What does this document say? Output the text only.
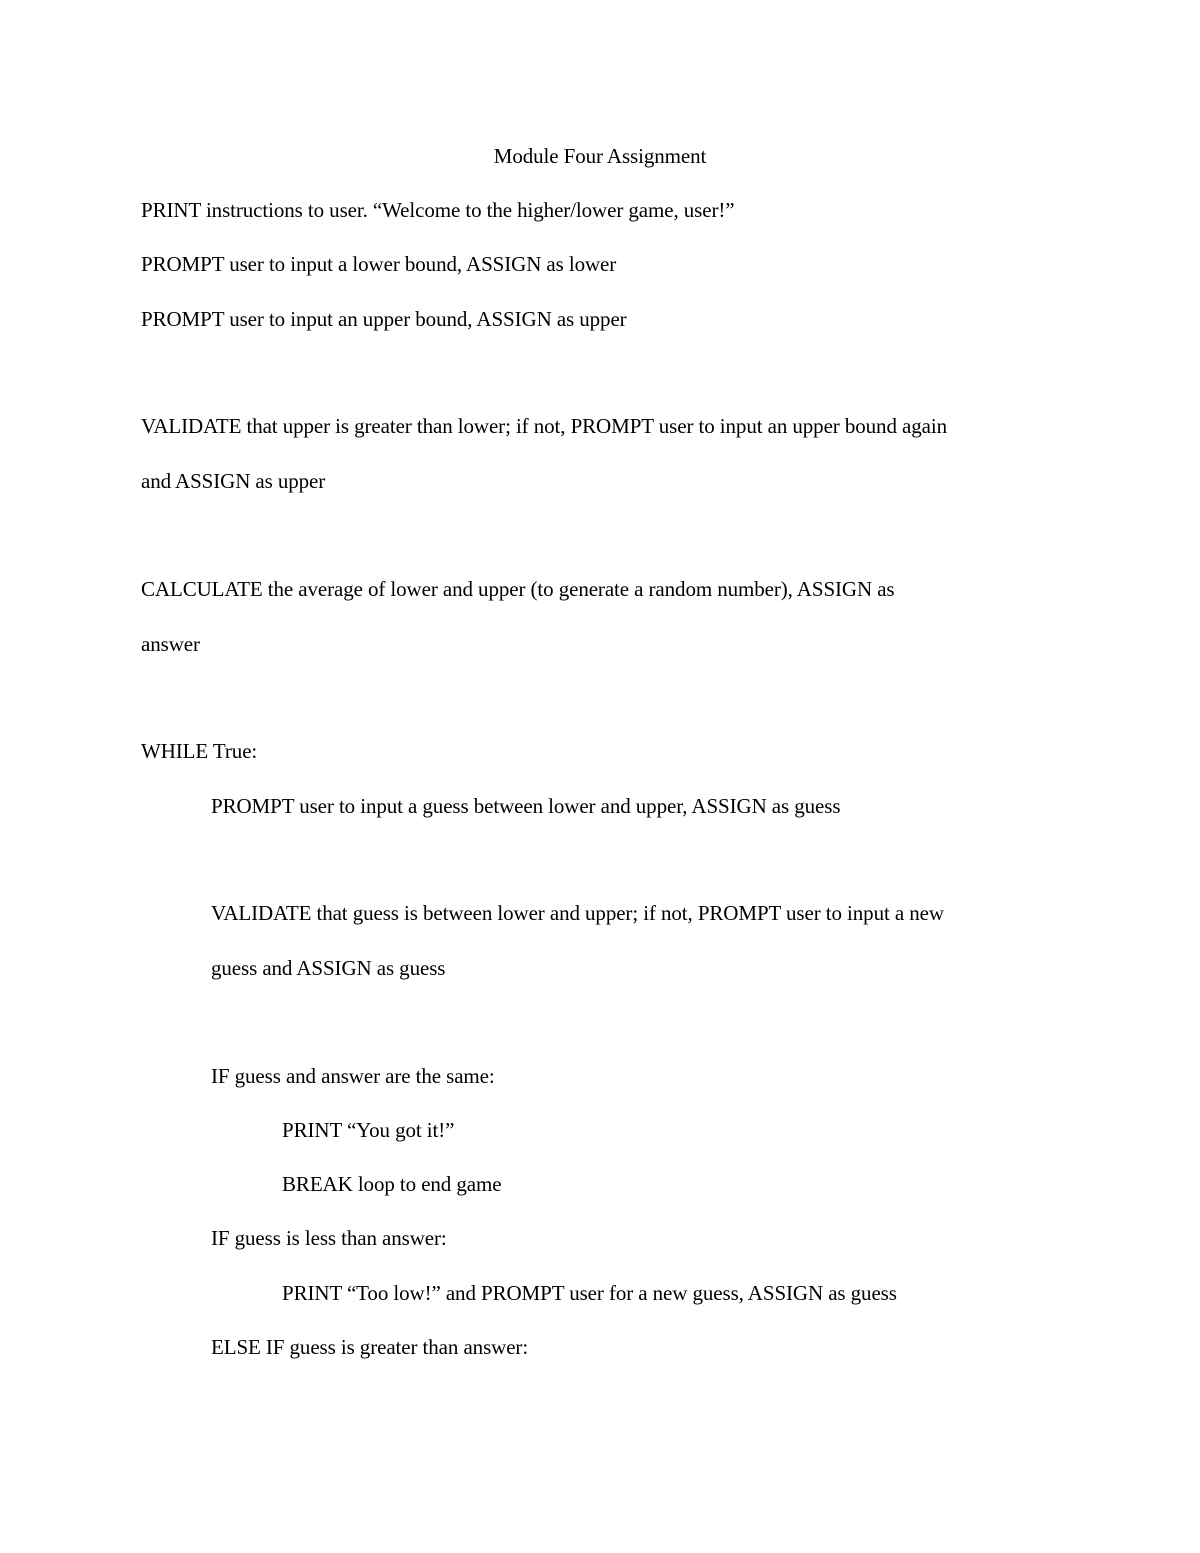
Module Four Assignment
PRINT instructions to user. “Welcome to the higher/lower game, user!”
PROMPT user to input a lower bound, ASSIGN as lower
PROMPT user to input an upper bound, ASSIGN as upper
VALIDATE that upper is greater than lower; if not, PROMPT user to input an upper bound again
and ASSIGN as upper
CALCULATE the average of lower and upper (to generate a random number), ASSIGN as
answer
WHILE True:
PROMPT user to input a guess between lower and upper, ASSIGN as guess
VALIDATE that guess is between lower and upper; if not, PROMPT user to input a new
guess and ASSIGN as guess
IF guess and answer are the same:
PRINT “You got it!”
BREAK loop to end game
IF guess is less than answer:
PRINT “Too low!” and PROMPT user for a new guess, ASSIGN as guess
ELSE IF guess is greater than answer:
